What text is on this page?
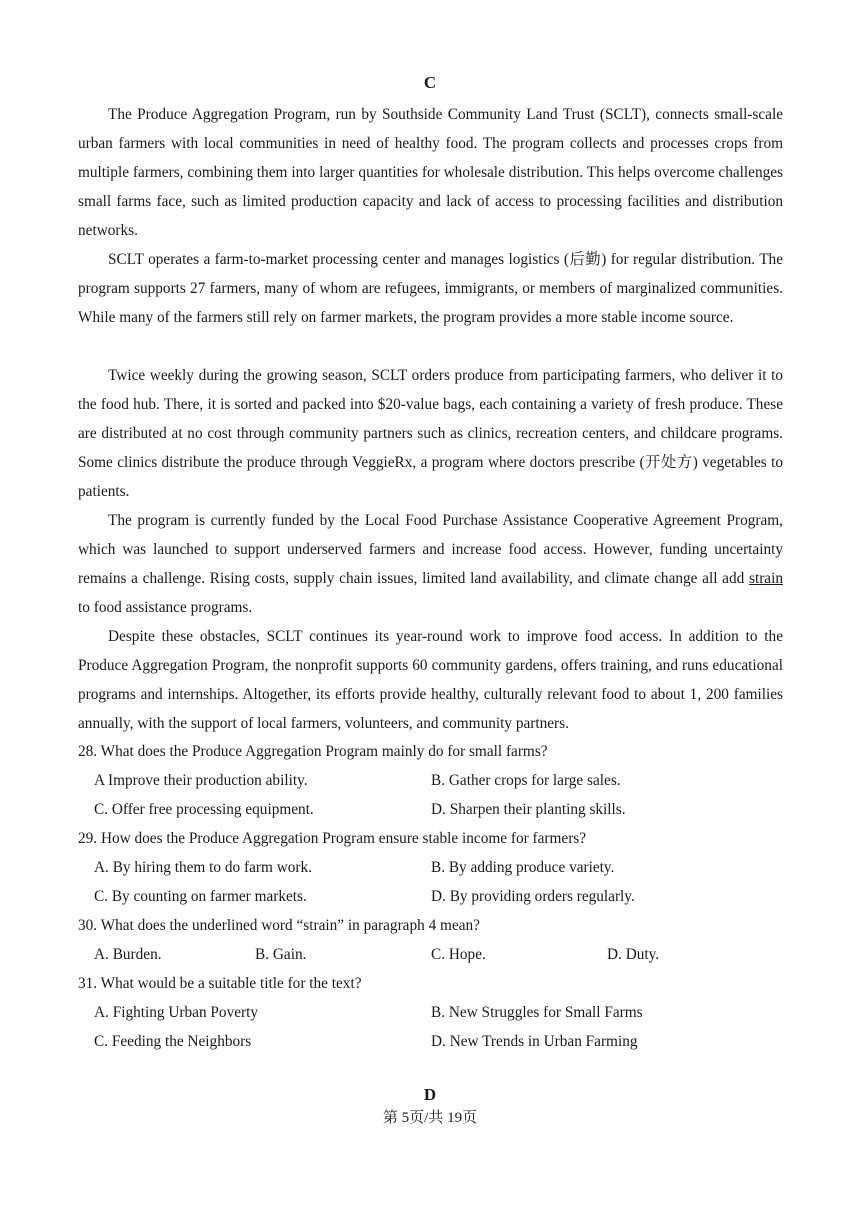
C

The Produce Aggregation Program, run by Southside Community Land Trust (SCLT), connects small-scale urban farmers with local communities in need of healthy food. The program collects and processes crops from multiple farmers, combining them into larger quantities for wholesale distribution. This helps overcome challenges small farms face, such as limited production capacity and lack of access to processing facilities and distribution networks.

SCLT operates a farm-to-market processing center and manages logistics (后勤) for regular distribution. The program supports 27 farmers, many of whom are refugees, immigrants, or members of marginalized communities. While many of the farmers still rely on farmer markets, the program provides a more stable income source.

Twice weekly during the growing season, SCLT orders produce from participating farmers, who deliver it to the food hub. There, it is sorted and packed into $20-value bags, each containing a variety of fresh produce. These are distributed at no cost through community partners such as clinics, recreation centers, and childcare programs. Some clinics distribute the produce through VeggieRx, a program where doctors prescribe (开处方) vegetables to patients.

The program is currently funded by the Local Food Purchase Assistance Cooperative Agreement Program, which was launched to support underserved farmers and increase food access. However, funding uncertainty remains a challenge. Rising costs, supply chain issues, limited land availability, and climate change all add strain to food assistance programs.

Despite these obstacles, SCLT continues its year-round work to improve food access. In addition to the Produce Aggregation Program, the nonprofit supports 60 community gardens, offers training, and runs educational programs and internships. Altogether, its efforts provide healthy, culturally relevant food to about 1, 200 families annually, with the support of local farmers, volunteers, and community partners.

28. What does the Produce Aggregation Program mainly do for small farms?
A Improve their production ability.	B. Gather crops for large sales.
C. Offer free processing equipment.	D. Sharpen their planting skills.
29. How does the Produce Aggregation Program ensure stable income for farmers?
A. By hiring them to do farm work.	B. By adding produce variety.
C. By counting on farmer markets.	D. By providing orders regularly.
30. What does the underlined word “strain” in paragraph 4 mean?
A. Burden.	B. Gain.	C. Hope.	D. Duty.
31. What would be a suitable title for the text?
A. Fighting Urban Poverty	B. New Struggles for Small Farms
C. Feeding the Neighbors	D. New Trends in Urban Farming
D
第 5页/共 19页
